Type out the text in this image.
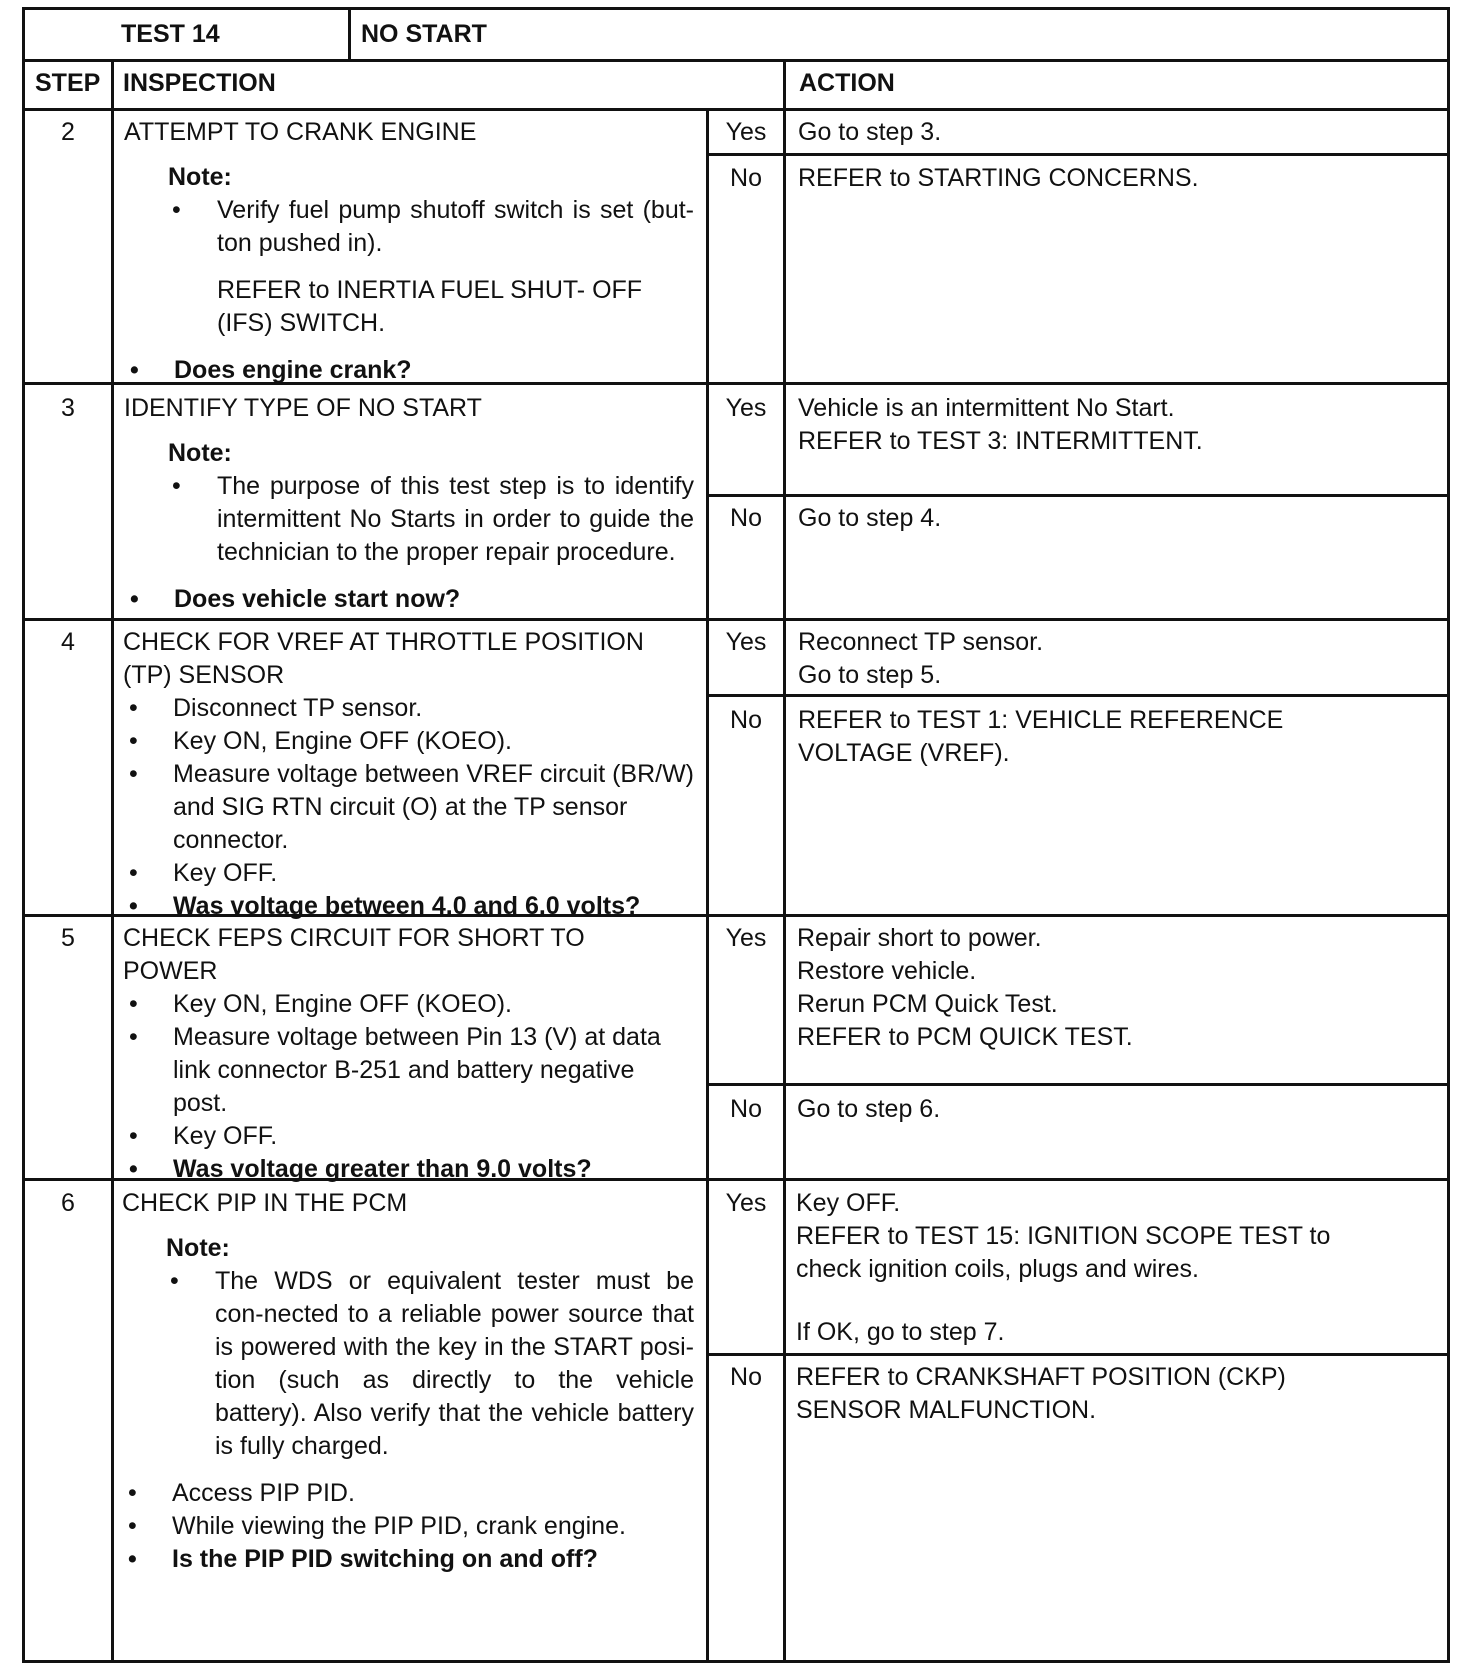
TEST 14	NO START
STEP INSPECTION	ACTION
2	ATTEMPT TO CRANK ENGINE
Note:
• Verify fuel pump shutoff switch is set (but-ton pushed in).
REFER to INERTIA FUEL SHUT- OFF (IFS) SWITCH.
• Does engine crank?
Yes	Go to step 3.
No	REFER to STARTING CONCERNS.
3	IDENTIFY TYPE OF NO START
Note:
• The purpose of this test step is to identify intermittent No Starts in order to guide the technician to the proper repair procedure.
• Does vehicle start now?
Yes	Vehicle is an intermittent No Start.
REFER to TEST 3: INTERMITTENT.
No	Go to step 4.
4	CHECK FOR VREF AT THROTTLE POSITION (TP) SENSOR
• Disconnect TP sensor.
• Key ON, Engine OFF (KOEO).
• Measure voltage between VREF circuit (BR/W) and SIG RTN circuit (O) at the TP sensor connector.
• Key OFF.
• Was voltage between 4.0 and 6.0 volts?
Yes	Reconnect TP sensor.
Go to step 5.
No	REFER to TEST 1: VEHICLE REFERENCE VOLTAGE (VREF).
5	CHECK FEPS CIRCUIT FOR SHORT TO POWER
• Key ON, Engine OFF (KOEO).
• Measure voltage between Pin 13 (V) at data link connector B-251 and battery negative post.
• Key OFF.
• Was voltage greater than 9.0 volts?
Yes	Repair short to power.
Restore vehicle.
Rerun PCM Quick Test.
REFER to PCM QUICK TEST.
No	Go to step 6.
6	CHECK PIP IN THE PCM
Note:
• The WDS or equivalent tester must be con-nected to a reliable power source that is powered with the key in the START posi-tion (such as directly to the vehicle battery). Also verify that the vehicle battery is fully charged.
• Access PIP PID.
• While viewing the PIP PID, crank engine.
• Is the PIP PID switching on and off?
Yes	Key OFF.
REFER to TEST 15: IGNITION SCOPE TEST to check ignition coils, plugs and wires.
If OK, go to step 7.
No	REFER to CRANKSHAFT POSITION (CKP) SENSOR MALFUNCTION.
